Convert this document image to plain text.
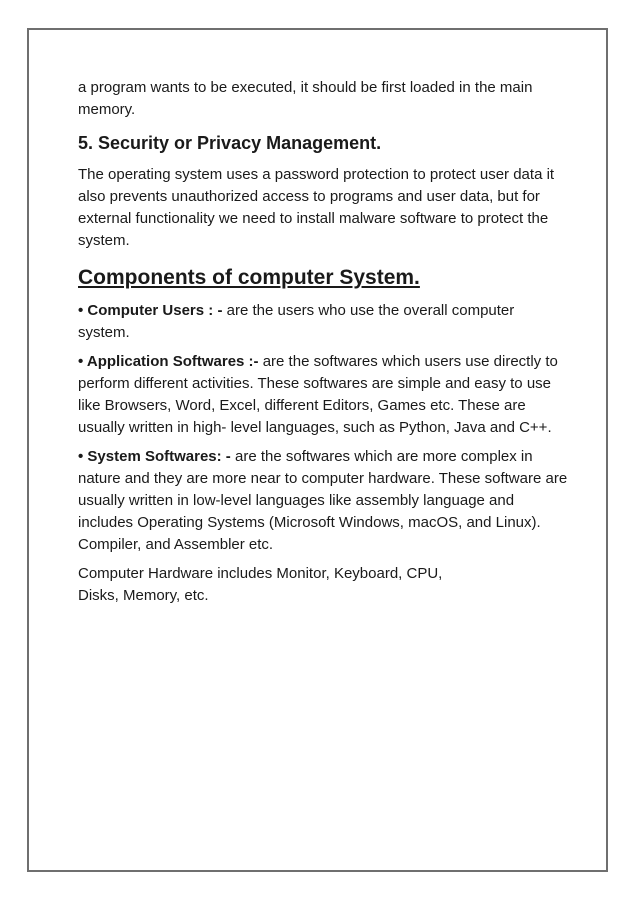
a program wants to be executed, it should be first loaded in the main memory.

5. Security or Privacy Management.

The operating system uses a password protection to protect user data it also prevents unauthorized access to programs and user data, but for external functionality we need to install malware software to protect the system.

Components of computer System.

• Computer Users : - are the users who use the overall computer system.

• Application Softwares :- are the softwares which users use directly to perform different activities. These softwares are simple and easy to use like Browsers, Word, Excel, different Editors, Games etc. These are usually written in high- level languages, such as Python, Java and C++.

• System Softwares: - are the softwares which are more complex in nature and they are more near to computer hardware. These software are usually written in low-level languages like assembly language and includes Operating Systems (Microsoft Windows, macOS, and Linux). Compiler, and Assembler etc.

Computer Hardware includes Monitor, Keyboard, CPU,
Disks, Memory, etc.
